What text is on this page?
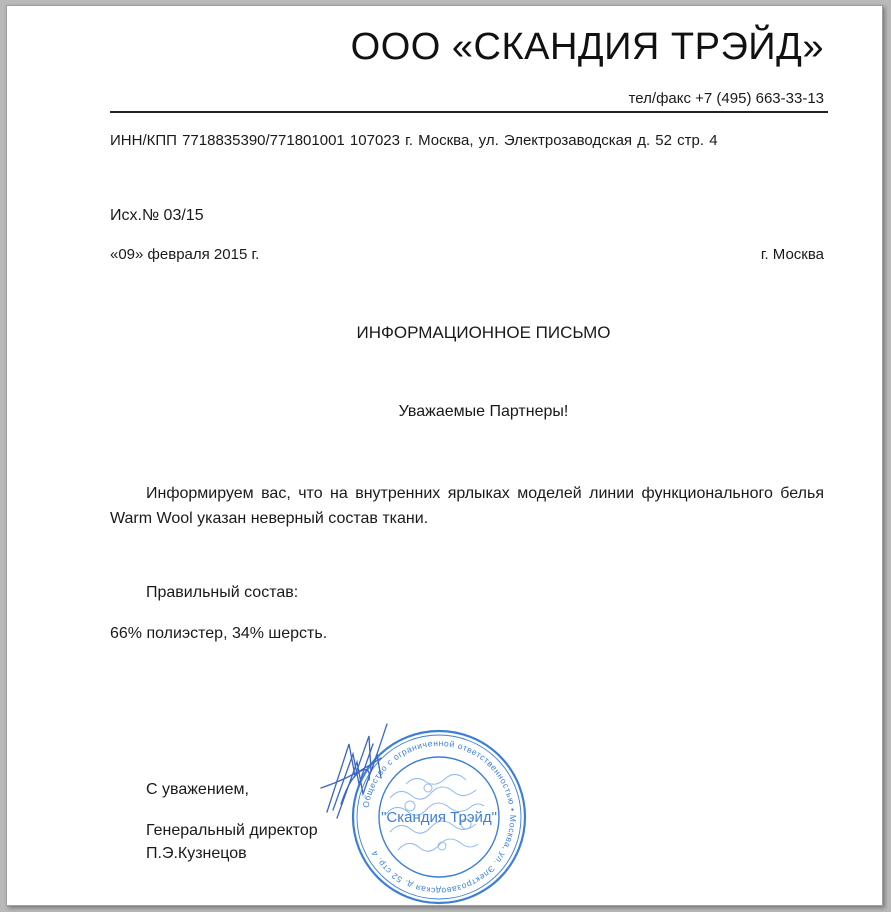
ООО «СКАНДИЯ ТРЭЙД»
тел/факс +7 (495) 663-33-13
ИНН/КПП 7718835390/771801001 107023 г. Москва, ул. Электрозаводская д. 52 стр. 4
Исх.№ 03/15
«09» февраля 2015 г.	г. Москва
ИНФОРМАЦИОННОЕ ПИСЬМО
Уважаемые Партнеры!
Информируем вас, что на внутренних ярлыках моделей линии функционального белья Warm Wool указан неверный состав ткани.
Правильный состав:
66% полиэстер, 34% шерсть.
С уважением,
Генеральный директор
П.Э.Кузнецов
Общество с ограниченной ответственностью • Москва, ул. Электрозаводская д. 52 стр. 4
"Скандия Трэйд"
